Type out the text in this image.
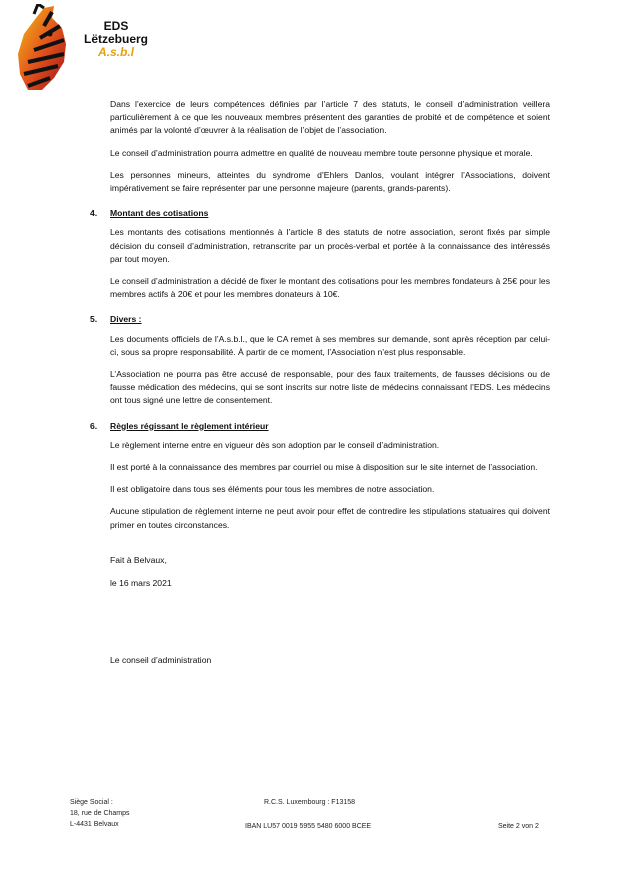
EDS
Lëtzebuerg
A.s.b.l

Dans l’exercice de leurs compétences définies par l’article 7 des statuts, le conseil d’administration veillera particulièrement à ce que les nouveaux membres présentent des garanties de probité et de compétence et soient animés par la volonté d’œuvrer à la réalisation de l’objet de l’association.

Le conseil d’administration pourra admettre en qualité de nouveau membre toute personne physique et morale.

Les personnes mineurs, atteintes du syndrome d’Ehlers Danlos, voulant intégrer l’Associations, doivent impérativement se faire représenter par une personne majeure (parents, grands-parents).

4. Montant des cotisations

Les montants des cotisations mentionnés à l’article 8 des statuts de notre association, seront fixés par simple décision du conseil d’administration, retranscrite par un procès-verbal et portée à la connaissance des intéressés par tout moyen.

Le conseil d’administration a décidé de fixer le montant des cotisations pour les membres fondateurs à 25€ pour les membres actifs à 20€ et pour les membres donateurs à 10€.

5. Divers :

Les documents officiels de l’A.s.b.l., que le CA remet à ses membres sur demande, sont après réception par celui-ci, sous sa propre responsabilité. À partir de ce moment, l’Association n’est plus responsable.

L’Association ne pourra pas être accusé de responsable, pour des faux traitements, de fausses décisions ou de fausse médication des médecins, qui se sont inscrits sur notre liste de médecins connaissant l’EDS. Les médecins ont tous signé une lettre de consentement.

6. Règles régissant le règlement intérieur

Le règlement interne entre en vigueur dès son adoption par le conseil d’administration.

Il est porté à la connaissance des membres par courriel ou mise à disposition sur le site internet de l’association.

Il est obligatoire dans tous ses éléments pour tous les membres de notre association.

Aucune stipulation de règlement interne ne peut avoir pour effet de contredire les stipulations statuaires qui doivent primer en toutes circonstances.

Fait à Belvaux,

le 16 mars 2021

Le conseil d’administration

Siège Social :
18, rue de Champs
L-4431 Belvaux
R.C.S. Luxembourg : F13158
IBAN LU57 0019 5955 5480 6000 BCEE	Seite 2 von 2
